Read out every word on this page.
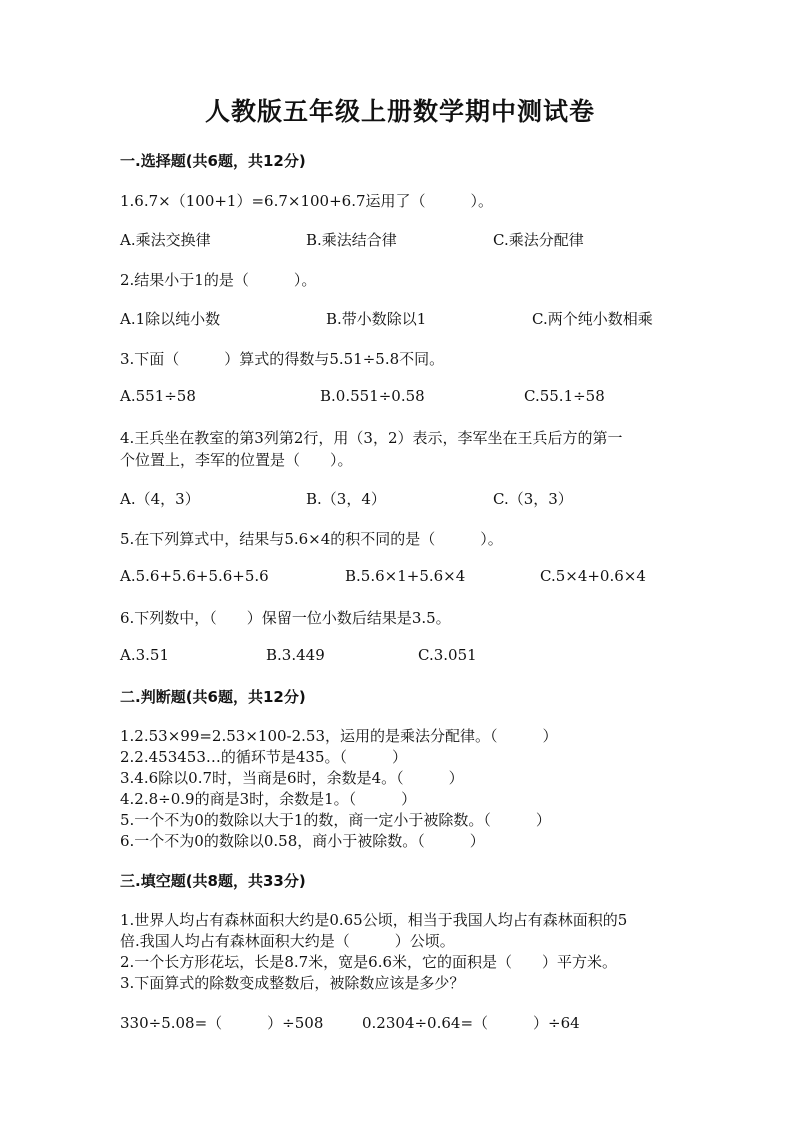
人教版五年级上册数学期中测试卷
一.选择题(共6题，共12分)
1.6.7×（100+1）=6.7×100+6.7运用了（　　　）。
A.乘法交换律	B.乘法结合律	C.乘法分配律
2.结果小于1的是（　　　）。
A.1除以纯小数	B.带小数除以1	C.两个纯小数相乘
3.下面（　　　）算式的得数与5.51÷5.8不同。
A.551÷58	B.0.551÷0.58	C.55.1÷58
4.王兵坐在教室的第3列第2行，用（3，2）表示，李军坐在王兵后方的第一
个位置上，李军的位置是（　　）。
A.（4，3）	B.（3，4）	C.（3，3）
5.在下列算式中，结果与5.6×4的积不同的是（　　　）。
A.5.6+5.6+5.6+5.6	B.5.6×1+5.6×4	C.5×4+0.6×4
6.下列数中，（　　）保留一位小数后结果是3.5。
A.3.51	B.3.449	C.3.051
二.判断题(共6题，共12分)
1.2.53×99=2.53×100-2.53，运用的是乘法分配律。（　　　）
2.2.453453…的循环节是435。（　　　）
3.4.6除以0.7时，当商是6时，余数是4。（　　　）
4.2.8÷0.9的商是3时，余数是1。（　　　）
5.一个不为0的数除以大于1的数，商一定小于被除数。（　　　）
6.一个不为0的数除以0.58，商小于被除数。（　　　）
三.填空题(共8题，共33分)
1.世界人均占有森林面积大约是0.65公顷，相当于我国人均占有森林面积的5
倍.我国人均占有森林面积大约是（　　　）公顷。
2.一个长方形花坛，长是8.7米，宽是6.6米，它的面积是（　　）平方米。
3.下面算式的除数变成整数后，被除数应该是多少？
330÷5.08=（　　　）÷508	0.2304÷0.64=（　　　）÷64
